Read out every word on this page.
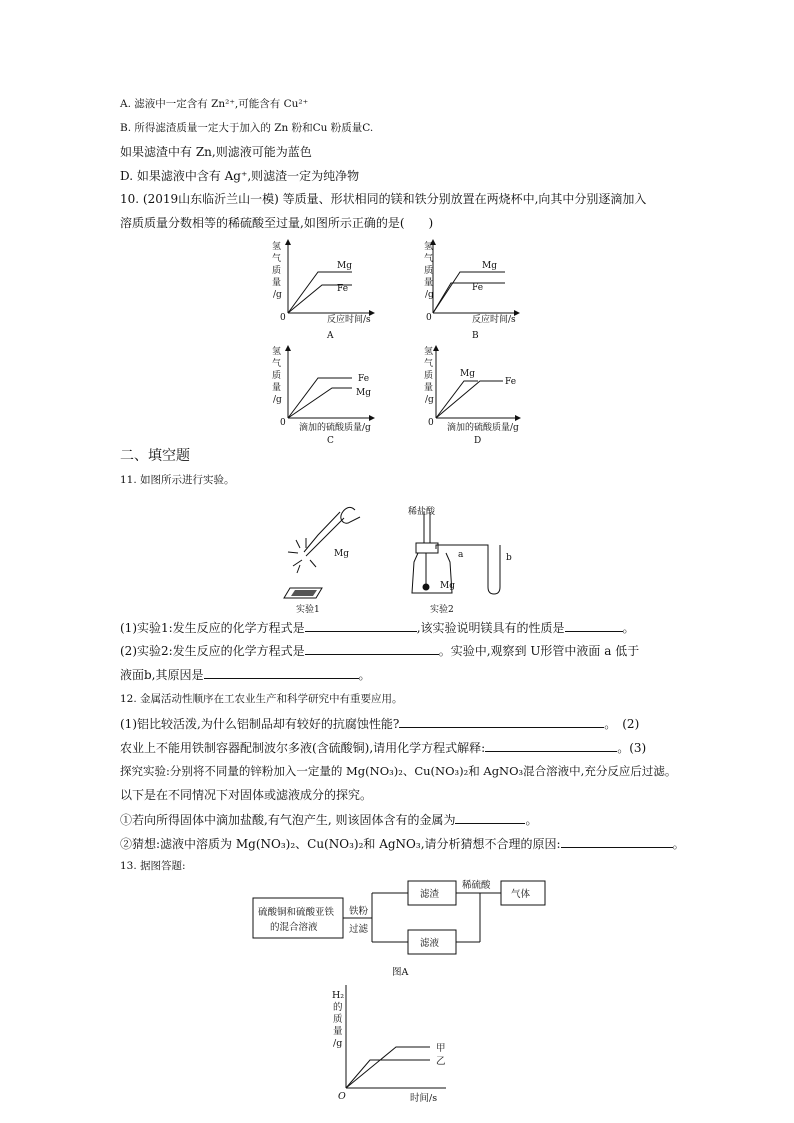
A. 滤液中一定含有 Zn²⁺,可能含有 Cu²⁺
B. 所得滤渣质量一定大于加入的 Zn 粉和Cu 粉质量C.
如果滤渣中有 Zn,则滤液可能为蓝色
D. 如果滤液中含有 Ag⁺,则滤渣一定为纯净物
10. (2019山东临沂兰山一模) 等质量、形状相同的镁和铁分别放置在两烧杯中,向其中分别逐滴加入
溶质质量分数相等的稀硫酸至过量,如图所示正确的是(　　)
氢
气
质
量
/g
氢
气
质
量
/g
氢
气
质
量
/g
氢
气
质
量
/g
0	0
0	0
Mg
Fe
Mg
Fe
Fe
Mg
Mg
Fe
反应时间/s	反应时间/s
滴加的硫酸质量/g	滴加的硫酸质量/g
A	B
C	D
二、填空题
11. 如图所示进行实验。
Mg
实验1
稀盐酸
a	b
Mg
实验2
(1)实验1:发生反应的化学方程式是	,该实验说明镁具有的性质是	。
(2)实验2:发生反应的化学方程式是	。实验中,观察到 U形管中液面 a 低于
液面b,其原因是	。
12. 金属活动性顺序在工农业生产和科学研究中有重要应用。
(1)铝比较活泼,为什么铝制品却有较好的抗腐蚀性能?	。　(2)
农业上不能用铁制容器配制波尔多液(含硫酸铜),请用化学方程式解释:	。(3)
探究实验:分别将不同量的锌粉加入一定量的 Mg(NO₃)₂、Cu(NO₃)₂和 AgNO₃混合溶液中,充分反应后过滤。
以下是在不同情况下对固体或滤液成分的探究。
①若向所得固体中滴加盐酸,有气泡产生, 则该固体含有的金属为	。
②猜想:滤液中溶质为 Mg(NO₃)₂、Cu(NO₃)₂和 AgNO₃,请分析猜想不合理的原因:	。
13. 据图答题:
硫酸铜和硫酸亚铁
的混合溶液
铁粉
过滤
滤渣
滤液
稀硫酸
气体
图A
H₂
的
质
量
/g
O
甲
乙
时间/s
